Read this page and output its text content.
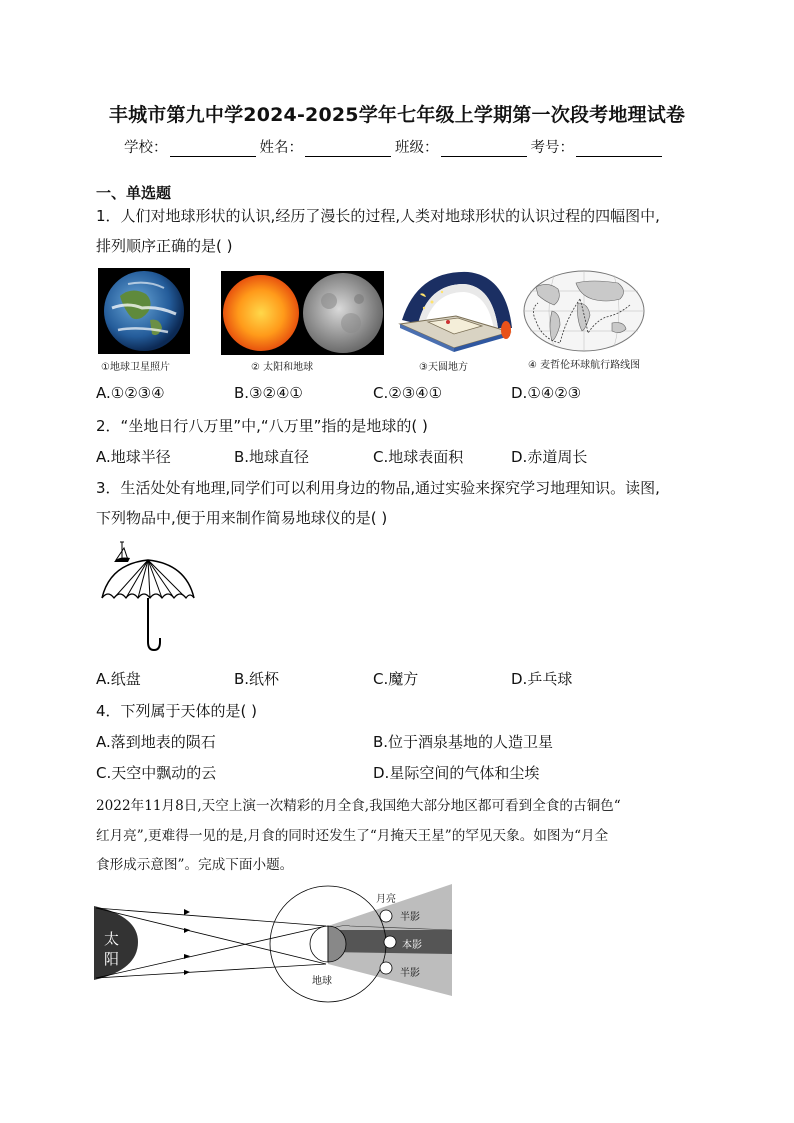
丰城市第九中学2024-2025学年七年级上学期第一次段考地理试卷
学校：	姓名：	班级：	考号：
一、单选题
1．人们对地球形状的认识,经历了漫长的过程,人类对地球形状的认识过程的四幅图中,
排列顺序正确的是( )
①地球卫星照片	② 太阳和地球	③天圆地方	④ 麦哲伦环球航行路线图
A.①②③④	B.③②④①	C.②③④①	D.①④②③
2．“坐地日行八万里”中,“八万里”指的是地球的( )
A.地球半径	B.地球直径	C.地球表面积	D.赤道周长
3．生活处处有地理,同学们可以利用身边的物品,通过实验来探究学习地理知识。读图,
下列物品中,便于用来制作简易地球仪的是( )
A.纸盘	B.纸杯	C.魔方	D.乒乓球
4．下列属于天体的是( )
A.落到地表的陨石	B.位于酒泉基地的人造卫星
C.天空中飘动的云	D.星际空间的气体和尘埃
2022年11月8日,天空上演一次精彩的月全食,我国绝大部分地区都可看到全食的古铜色“
红月亮”,更难得一见的是,月食的同时还发生了“月掩天王星”的罕见天象。如图为“月全
食形成示意图”。完成下面小题。
太
阳
地球
月亮
半影
本影
半影
